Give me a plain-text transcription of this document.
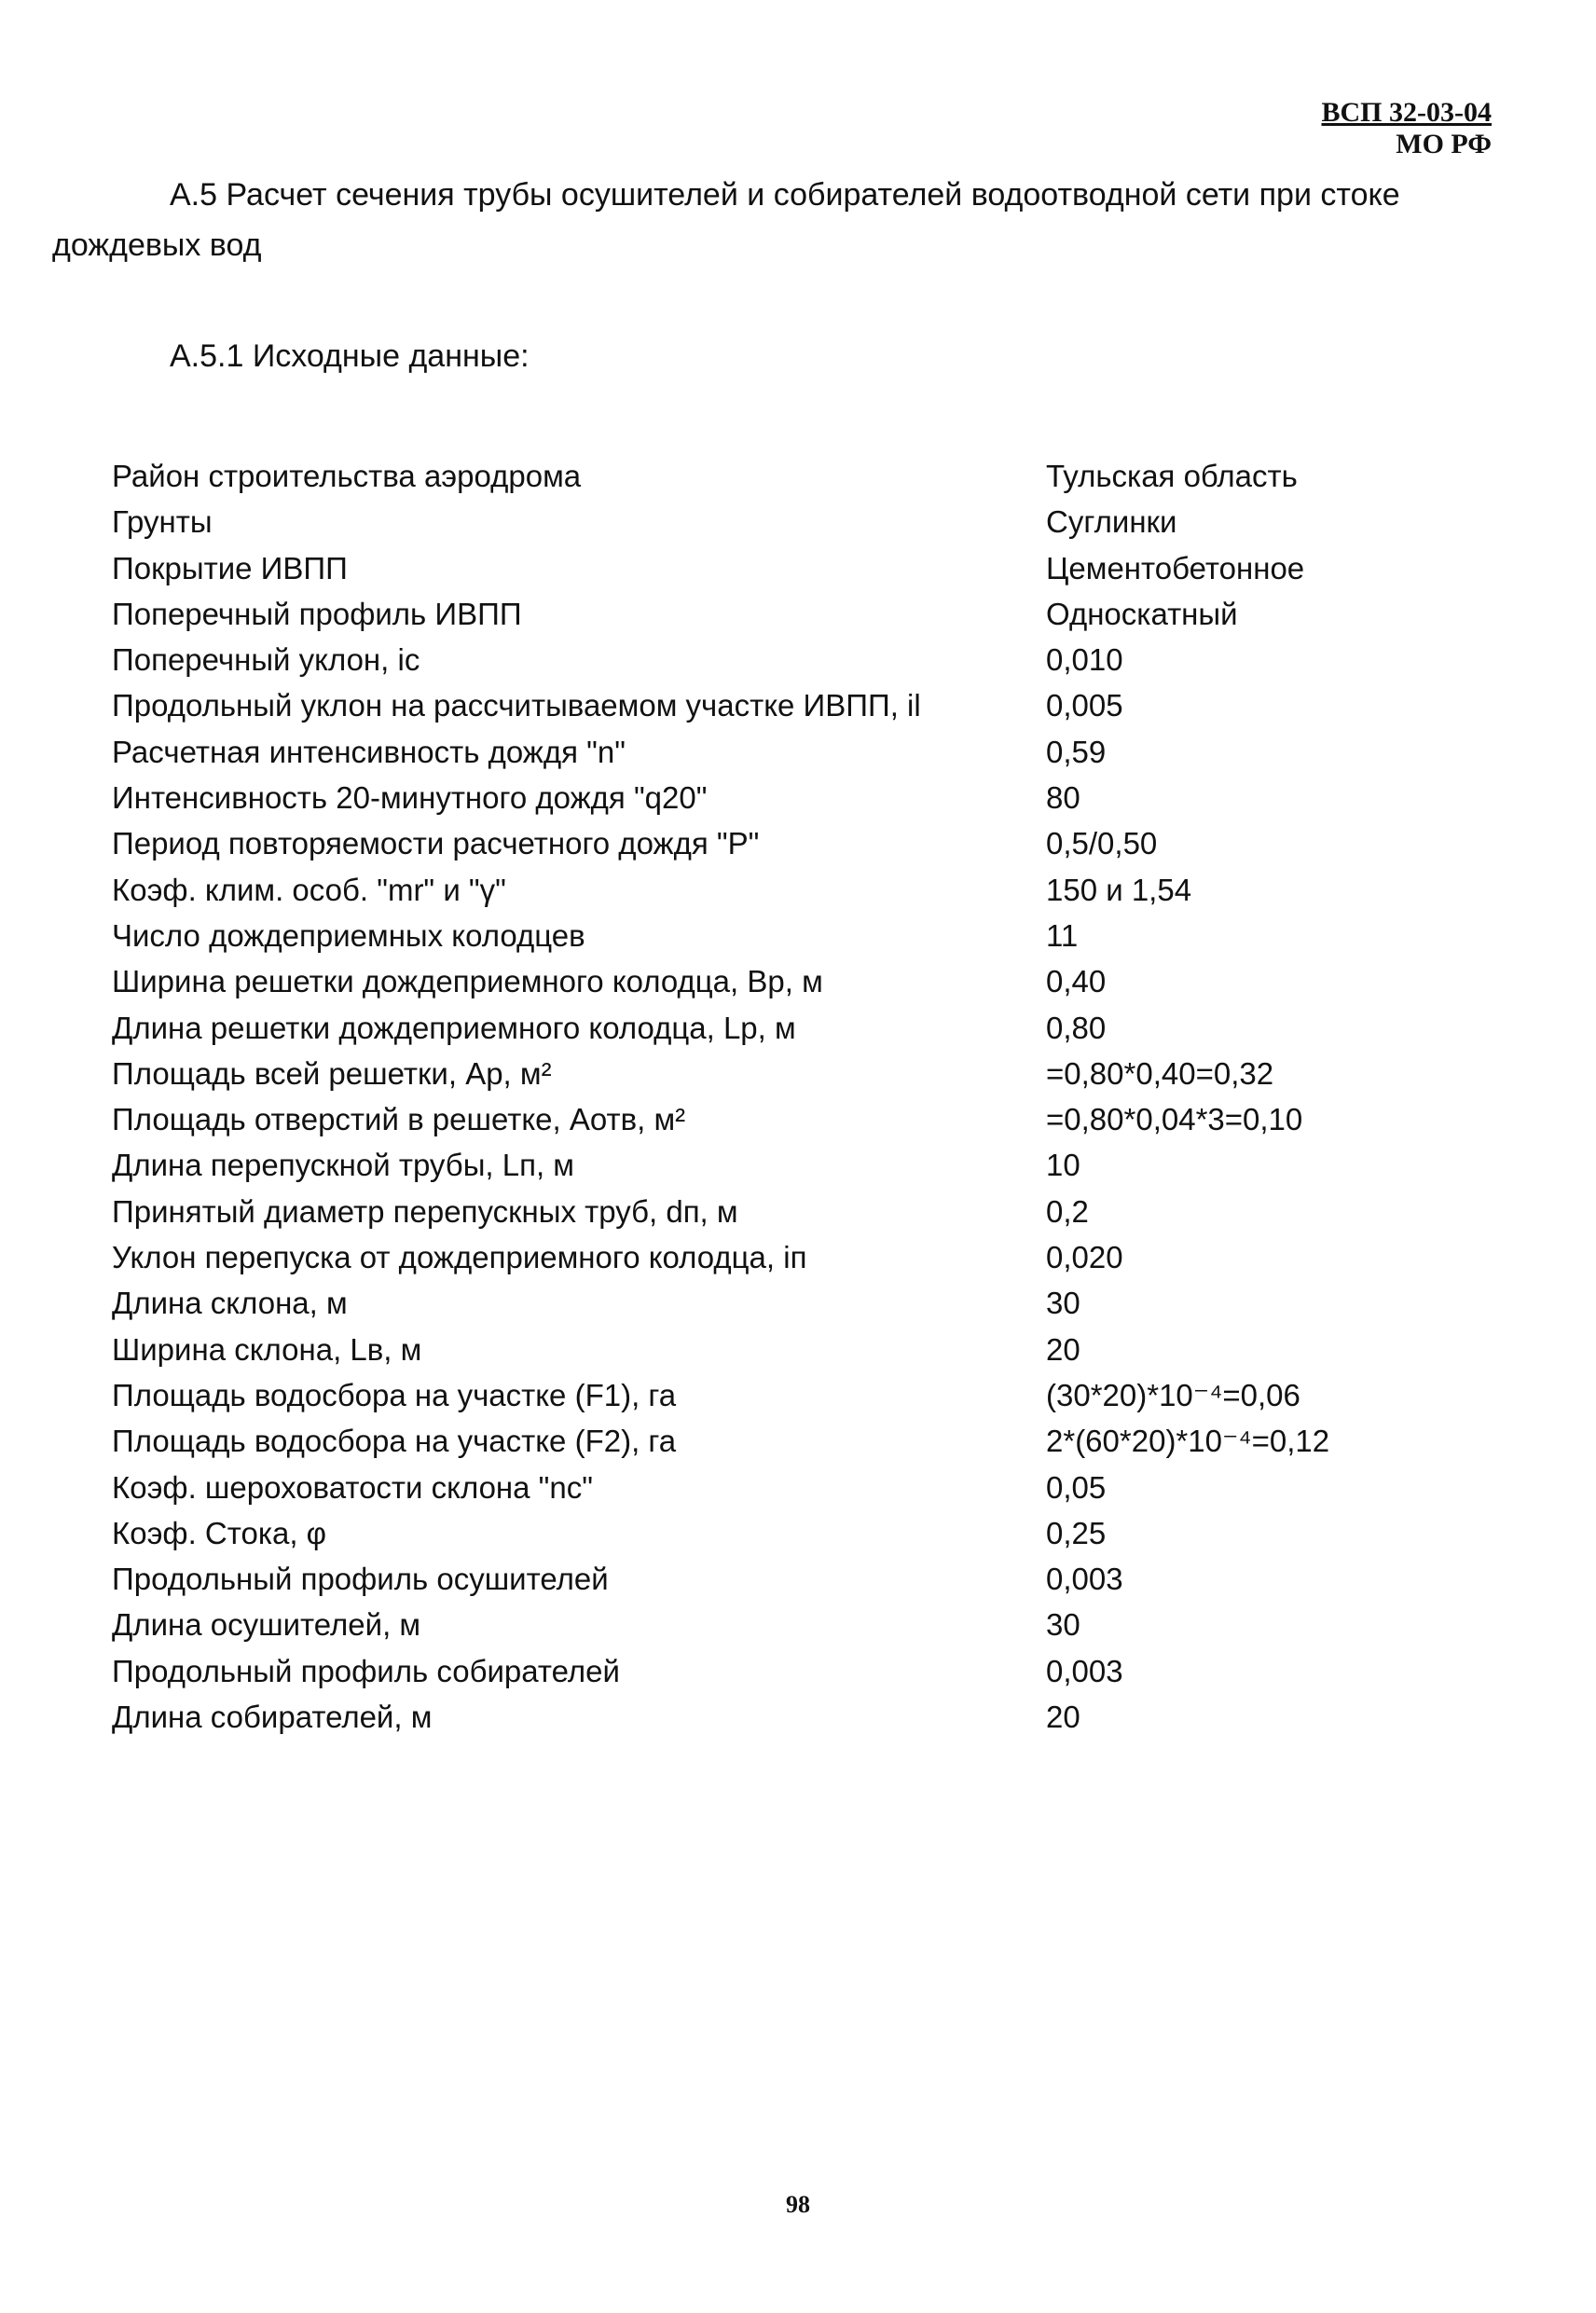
ВСП 32-03-04
МО РФ
А.5 Расчет сечения трубы осушителей и собирателей водоотводной сети при стоке
дождевых вод
А.5.1 Исходные данные:
Район строительства аэродрома	Тульская область
Грунты	Суглинки
Покрытие ИВПП	Цементобетонное
Поперечный профиль ИВПП	Односкатный
Поперечный уклон, iс	0,010
Продольный уклон на рассчитываемом участке ИВПП, il	0,005
Расчетная интенсивность дождя "n"	0,59
Интенсивность 20-минутного дождя "q20"	80
Период повторяемости расчетного дождя "P"	0,5/0,50
Коэф. клим. особ. "mr" и "γ"	150 и 1,54
Число дождеприемных колодцев	11
Ширина решетки дождеприемного колодца, Bр, м	0,40
Длина решетки дождеприемного колодца, Lр, м	0,80
Площадь всей решетки, Aр, м²	=0,80*0,40=0,32
Площадь отверстий в решетке, Aотв, м²	=0,80*0,04*3=0,10
Длина перепускной трубы, Lп, м	10
Принятый диаметр перепускных труб, dп, м	0,2
Уклон перепуска от дождеприемного колодца, iп	0,020
Длина склона, м	30
Ширина склона, Lв, м	20
Площадь водосбора на участке (F1), га	(30*20)*10⁻⁴=0,06
Площадь водосбора на участке (F2), га	2*(60*20)*10⁻⁴=0,12
Коэф. шероховатости склона "nс"	0,05
Коэф. Стока, φ	0,25
Продольный профиль осушителей	0,003
Длина осушителей, м	30
Продольный профиль собирателей	0,003
Длина собирателей, м	20
98
